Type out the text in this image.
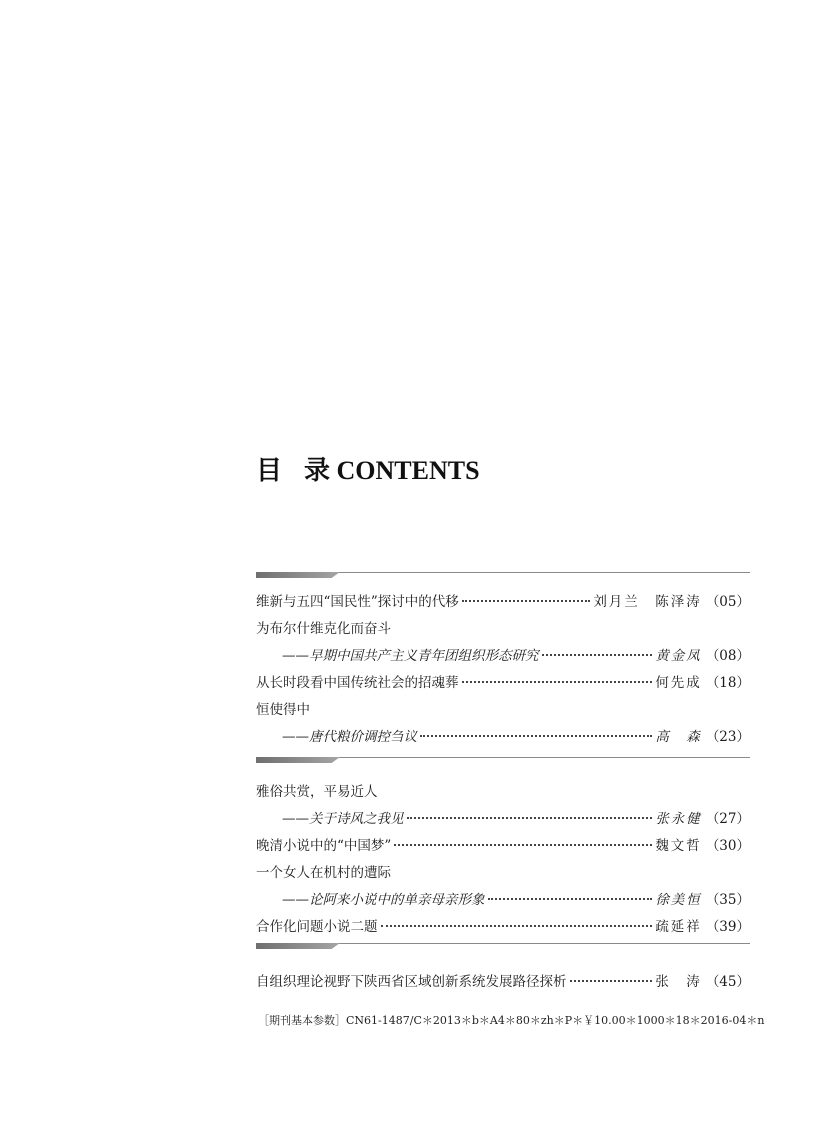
目 录 CONTENTS
维新与五四“国民性”探讨中的代移	刘月兰　陈泽涛 （05）
为布尔什维克化而奋斗
——早期中国共产主义青年团组织形态研究	黄金凤 （08）
从长时段看中国传统社会的招魂葬	何先成 （18）
恒使得中
——唐代粮价调控刍议	高　森 （23）
雅俗共赏，平易近人
——关于诗风之我见	张永健 （27）
晚清小说中的“中国梦”	魏文哲 （30）
一个女人在机村的遭际
——论阿来小说中的单亲母亲形象	徐美恒 （35）
合作化问题小说二题	疏延祥 （39）
自组织理论视野下陕西省区域创新系统发展路径探析	张　涛 （45）
［期刊基本参数］CN61-1487/C＊2013＊b＊A4＊80＊zh＊P＊￥10.00＊1000＊18＊2016-04＊n
